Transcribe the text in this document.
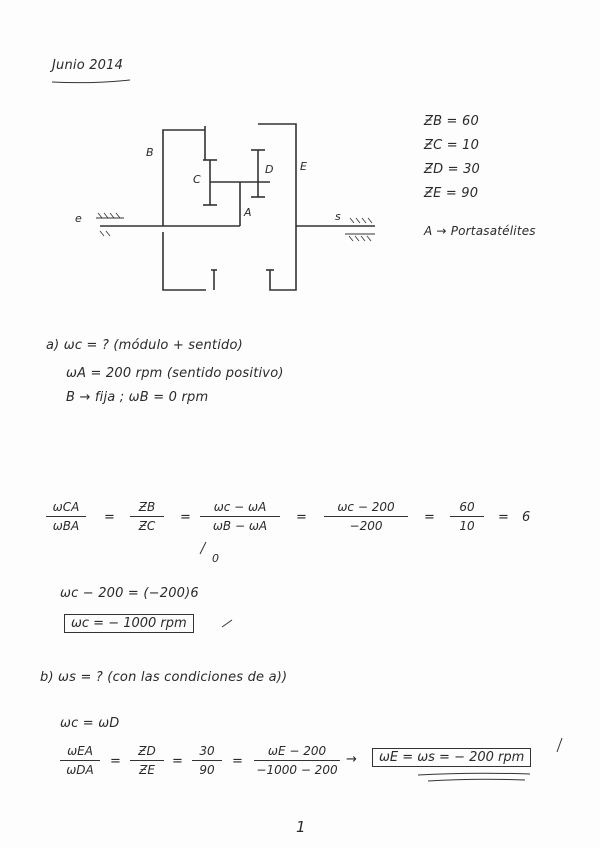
Junio 2014
B
C
D E
A
e	s
ƵB = 60
ƵC = 10
ƵD = 30
ƵE = 90
A → Portasatélites
a) ωc = ? (módulo + sentido)
ωA = 200 rpm (sentido positivo)
B → fija ; ωB = 0 rpm
ωCA
ωBA
=
ƵB
ƵC
=
ωc − ωA
ωB − ωA
0
=
ωc − 200
−200
=
60
10
= 6
ωc − 200 = (−200)6
ωc = − 1000 rpm
b) ωs = ? (con las condiciones de a))
ωc = ωD
ωEA
ωDA
=
ƵD
ƵE
=
30
90
=
ωE − 200
−1000 − 200
→	ωE = ωs = − 200 rpm
1
